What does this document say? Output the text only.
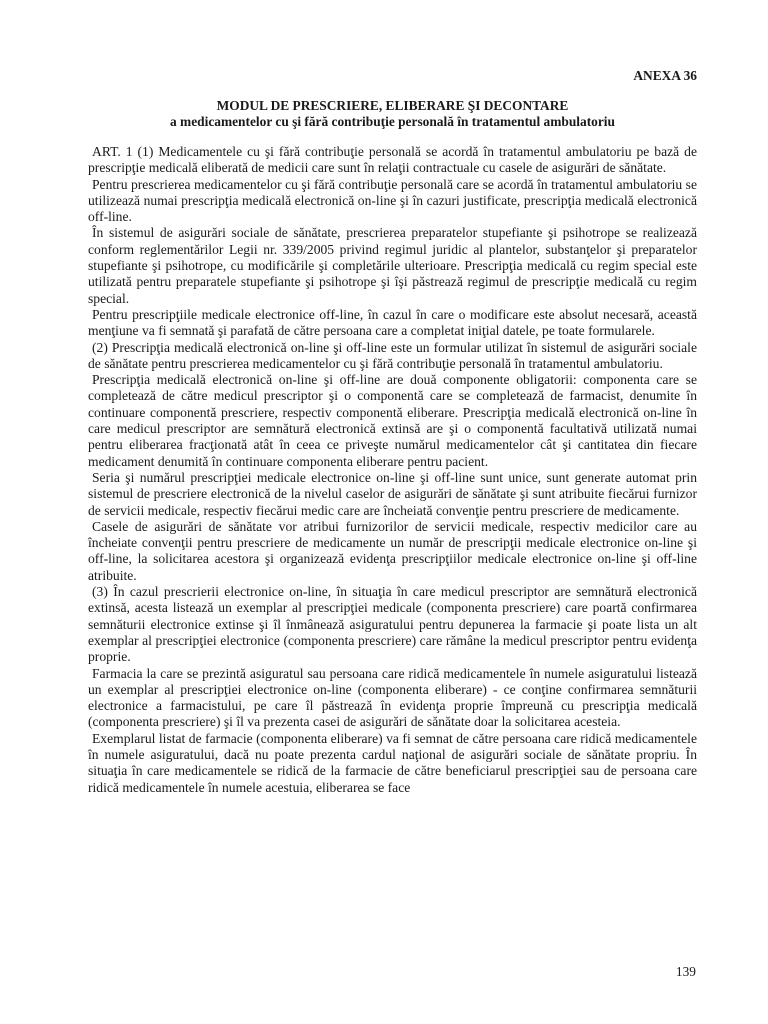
ANEXA 36
MODUL DE PRESCRIERE, ELIBERARE ŞI DECONTARE
a medicamentelor cu şi fără contribuţie personală în tratamentul ambulatoriu

ART. 1 (1) Medicamentele cu şi fără contribuţie personală se acordă în tratamentul ambulatoriu pe bază de prescripţie medicală eliberată de medicii care sunt în relaţii contractuale cu casele de asigurări de sănătate.

Pentru prescrierea medicamentelor cu şi fără contribuţie personală care se acordă în tratamentul ambulatoriu se utilizează numai prescripţia medicală electronică on-line şi în cazuri justificate, prescripţia medicală electronică off-line.

În sistemul de asigurări sociale de sănătate, prescrierea preparatelor stupefiante şi psihotrope se realizează conform reglementărilor Legii nr. 339/2005 privind regimul juridic al plantelor, substanţelor şi preparatelor stupefiante şi psihotrope, cu modificările şi completările ulterioare. Prescripţia medicală cu regim special este utilizată pentru preparatele stupefiante şi psihotrope şi îşi păstrează regimul de prescripţie medicală cu regim special.

Pentru prescripţiile medicale electronice off-line, în cazul în care o modificare este absolut necesară, această menţiune va fi semnată şi parafată de către persoana care a completat iniţial datele, pe toate formularele.

(2) Prescripţia medicală electronică on-line şi off-line este un formular utilizat în sistemul de asigurări sociale de sănătate pentru prescrierea medicamentelor cu şi fără contribuţie personală în tratamentul ambulatoriu.

Prescripţia medicală electronică on-line şi off-line are două componente obligatorii: componenta care se completează de către medicul prescriptor şi o componentă care se completează de farmacist, denumite în continuare componentă prescriere, respectiv componentă eliberare. Prescripţia medicală electronică on-line în care medicul prescriptor are semnătură electronică extinsă are şi o componentă facultativă utilizată numai pentru eliberarea fracţionată atât în ceea ce priveşte numărul medicamentelor cât şi cantitatea din fiecare medicament denumită în continuare componenta eliberare pentru pacient.

Seria şi numărul prescripţiei medicale electronice on-line şi off-line sunt unice, sunt generate automat prin sistemul de prescriere electronică de la nivelul caselor de asigurări de sănătate şi sunt atribuite fiecărui furnizor de servicii medicale, respectiv fiecărui medic care are încheiată convenţie pentru prescriere de medicamente.

Casele de asigurări de sănătate vor atribui furnizorilor de servicii medicale, respectiv medicilor care au încheiate convenţii pentru prescriere de medicamente un număr de prescripţii medicale electronice on-line şi off-line, la solicitarea acestora şi organizează evidenţa prescripţiilor medicale electronice on-line şi off-line atribuite.

(3) În cazul prescrierii electronice on-line, în situaţia în care medicul prescriptor are semnătură electronică extinsă, acesta listează un exemplar al prescripţiei medicale (componenta prescriere) care poartă confirmarea semnăturii electronice extinse şi îl înmânează asiguratului pentru depunerea la farmacie şi poate lista un alt exemplar al prescripţiei electronice (componenta prescriere) care rămâne la medicul prescriptor pentru evidenţa proprie.

Farmacia la care se prezintă asiguratul sau persoana care ridică medicamentele în numele asiguratului listează un exemplar al prescripţiei electronice on-line (componenta eliberare) - ce conţine confirmarea semnăturii electronice a farmacistului, pe care îl păstrează în evidenţa proprie împreună cu prescripţia medicală (componenta prescriere) şi îl va prezenta casei de asigurări de sănătate doar la solicitarea acesteia.

Exemplarul listat de farmacie (componenta eliberare) va fi semnat de către persoana care ridică medicamentele în numele asiguratului, dacă nu poate prezenta cardul naţional de asigurări sociale de sănătate propriu. În situaţia în care medicamentele se ridică de la farmacie de către beneficiarul prescripţiei sau de persoana care ridică medicamentele în numele acestuia, eliberarea se face

139
